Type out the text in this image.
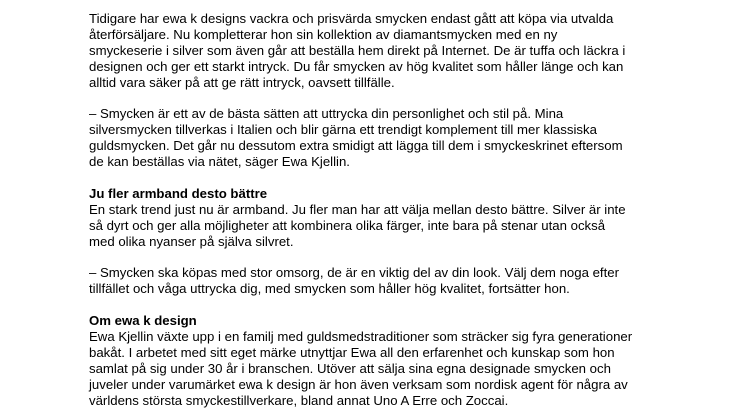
Tidigare har ewa k designs vackra och prisvärda smycken endast gått att köpa via utvalda

återförsäljare. Nu kompletterar hon sin kollektion av diamantsmycken med en ny

smyckeserie i silver som även går att beställa hem direkt på Internet. De är tuffa och läckra i

designen och ger ett starkt intryck. Du får smycken av hög kvalitet som håller länge och kan

alltid vara säker på att ge rätt intryck, oavsett tillfälle.

– Smycken är ett av de bästa sätten att uttrycka din personlighet och stil på. Mina

silversmycken tillverkas i Italien och blir gärna ett trendigt komplement till mer klassiska

guldsmycken. Det går nu dessutom extra smidigt att lägga till dem i smyckeskrinet eftersom

de kan beställas via nätet, säger Ewa Kjellin.

Ju fler armband desto bättre

En stark trend just nu är armband. Ju fler man har att välja mellan desto bättre. Silver är inte

så dyrt och ger alla möjligheter att kombinera olika färger, inte bara på stenar utan också

med olika nyanser på själva silvret.

– Smycken ska köpas med stor omsorg, de är en viktig del av din look. Välj dem noga efter

tillfället och våga uttrycka dig, med smycken som håller hög kvalitet, fortsätter hon.

Om ewa k design

Ewa Kjellin växte upp i en familj med guldsmedstraditioner som sträcker sig fyra generationer

bakåt. I arbetet med sitt eget märke utnyttjar Ewa all den erfarenhet och kunskap som hon

samlat på sig under 30 år i branschen. Utöver att sälja sina egna designade smycken och

juveler under varumärket ewa k design är hon även verksam som nordisk agent för några av

världens största smyckestillverkare, bland annat Uno A Erre och Zoccai.
